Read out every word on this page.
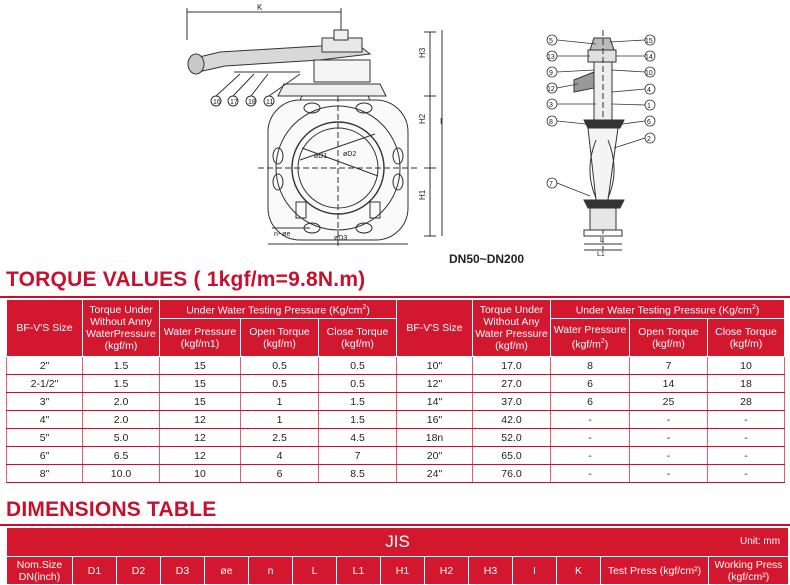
K
H3
H2
H1
I
øD1 øD2
øD3
n- øe
16 17 18 11
5
13
9
12
3
8
7
15
14
10
4
1
6
2
L
L1
DN50~DN200
TORQUE VALUES ( 1kgf/m=9.8N.m)
BF-V'S Size	Torque Under Without Anny WaterPressure (kgf/m)	Under Water Testing Pressure $(Kg/cm^2)$			BF-V'S Size	Torque Under Without Any Water Pressure (kgf/m)	Under Water Testing Pressure $(Kg/cm^2)$		
		Water Pressure (kgf/m1)	Open Torque (kgf/m)	Close Torque (kgf/m)			Water Pressure $(kgf/m^2)$	Open Torque (kgf/m)	Close Torque (kgf/m)
2"	1.5	15	0.5	0.5	10"	17.0	8	7	10
2-1/2"	1.5	15	0.5	0.5	12"	27.0	6	14	18
3"	2.0	15	1	1.5	14"	37.0	6	25	28
4"	2.0	12	1	1.5	16"	42.0	-	-	-
5"	5.0	12	2.5	4.5	18n	52.0	-	-	-
6"	6.5	12	4	7	20"	65.0	-	-	-
8"	10.0	10	6	8.5	24"	76.0	-	-	-
DIMENSIONS TABLE
JIS	Unit: mm

Nom.Size DN(inch)	D1	D2	D3	øe	n	L	L1	H1	H2	H3	I	K	Test Press (kgf/cm²)	Working Press (kgf/cm²)
